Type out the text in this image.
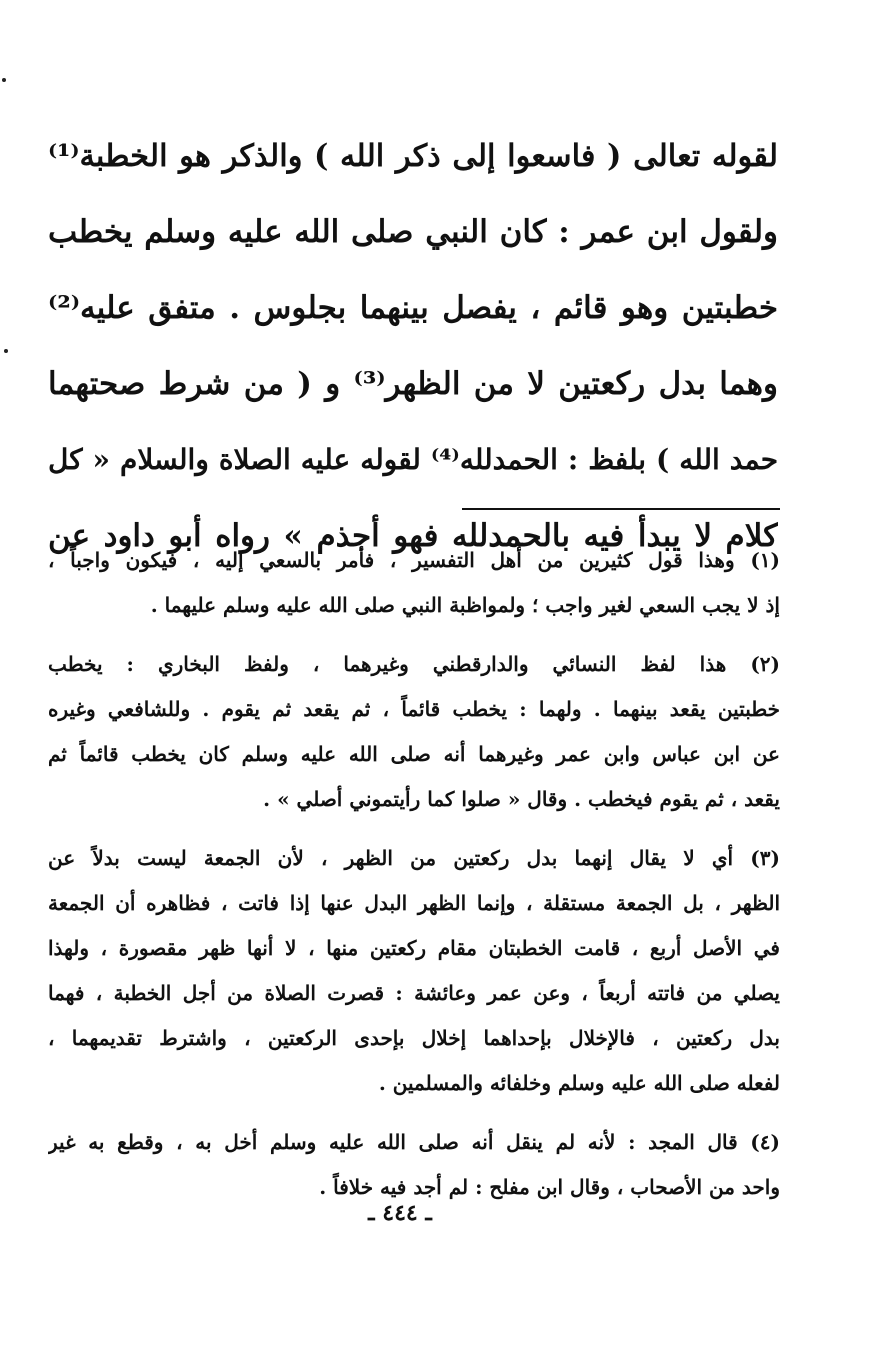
لقوله تعالى ( فاسعوا إلى ذكر الله ) والذكر هو الخطبة⁽¹⁾
ولقول ابن عمر : كان النبي صلى الله عليه وسلم يخطب
خطبتين وهو قائم ، يفصل بينهما بجلوس . متفق عليه⁽²⁾
وهما بدل ركعتين لا من الظهر⁽³⁾ و ( من شرط صحتهما
حمد الله ) بلفظ : الحمدلله⁽⁴⁾ لقوله عليه الصلاة والسلام « كل
كلام لا يبدأ فيه بالحمدلله فهو أجذم » رواه أبو داود عن
(١) وهذا قول كثيرين من أهل التفسير ، فأمر بالسعي إليه ، فيكون واجباً ،
إذ لا يجب السعي لغير واجب ؛ ولمواظبة النبي صلى الله عليه وسلم عليهما .
(٢) هذا لفظ النسائي والدارقطني وغيرهما ، ولفظ البخاري : يخطب
خطبتين يقعد بينهما . ولهما : يخطب قائماً ، ثم يقعد ثم يقوم . وللشافعي وغيره
عن ابن عباس وابن عمر وغيرهما أنه صلى الله عليه وسلم كان يخطب قائماً ثم
يقعد ، ثم يقوم فيخطب . وقال « صلوا كما رأيتموني أصلي » .
(٣) أي لا يقال إنهما بدل ركعتين من الظهر ، لأن الجمعة ليست بدلاً عن
الظهر ، بل الجمعة مستقلة ، وإنما الظهر البدل عنها إذا فاتت ، فظاهره أن الجمعة
في الأصل أربع ، قامت الخطبتان مقام ركعتين منها ، لا أنها ظهر مقصورة ، ولهذا
يصلي من فاتته أربعاً ، وعن عمر وعائشة : قصرت الصلاة من أجل الخطبة ، فهما
بدل ركعتين ، فالإخلال بإحداهما إخلال بإحدى الركعتين ، واشترط تقديمهما ،
لفعله صلى الله عليه وسلم وخلفائه والمسلمين .
(٤) قال المجد : لأنه لم ينقل أنه صلى الله عليه وسلم أخل به ، وقطع به غير
واحد من الأصحاب ، وقال ابن مفلح : لم أجد فيه خلافاً .
ـ ٤٤٤ ـ
